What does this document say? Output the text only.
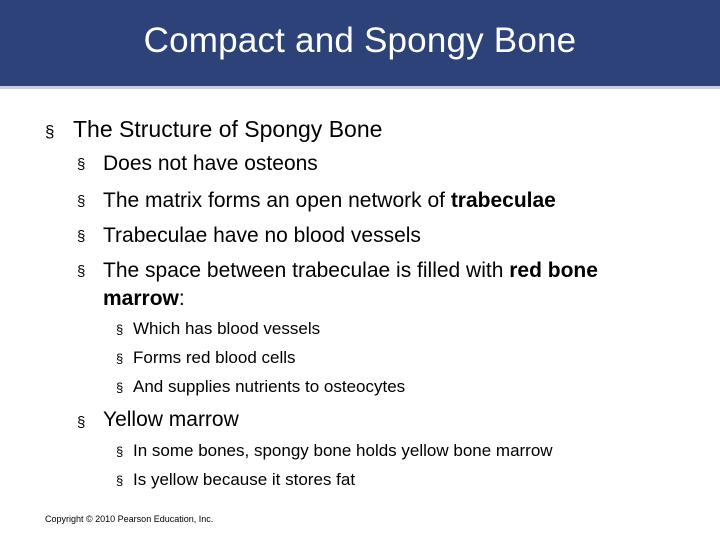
Compact and Spongy Bone
§ The Structure of Spongy Bone
§ Does not have osteons
§ The matrix forms an open network of trabeculae
§ Trabeculae have no blood vessels
§ The space between trabeculae is filled with red bone
marrow:
§ Which has blood vessels
§ Forms red blood cells
§ And supplies nutrients to osteocytes
§ Yellow marrow
§ In some bones, spongy bone holds yellow bone marrow
§ Is yellow because it stores fat
Copyright © 2010 Pearson Education, Inc.
